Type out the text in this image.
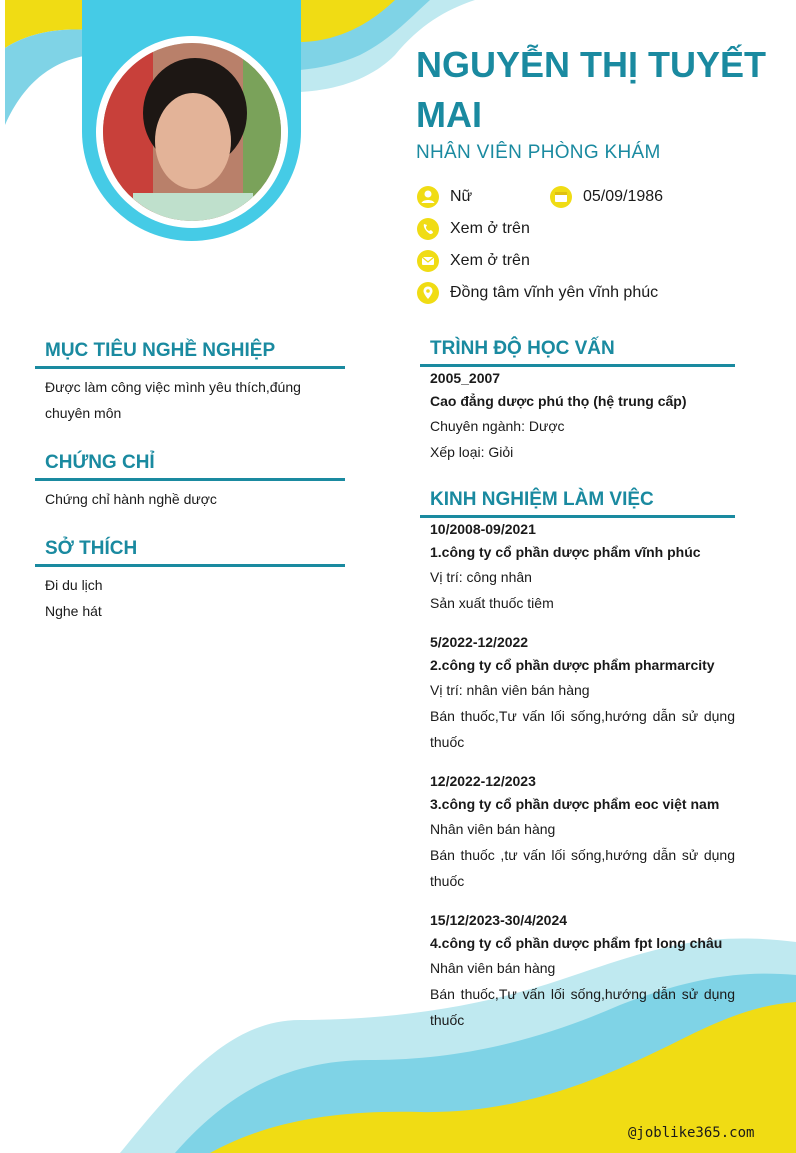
NGUYỄN THỊ TUYẾT MAI
NHÂN VIÊN PHÒNG KHÁM
Nữ	05/09/1986
Xem ở trên
Xem ở trên
Đồng tâm vĩnh yên vĩnh phúc
MỤC TIÊU NGHỀ NGHIỆP
Được làm công việc mình yêu thích,đúng chuyên môn
CHỨNG CHỈ
Chứng chỉ hành nghề dược
SỞ THÍCH
Đi du lịch
Nghe hát
TRÌNH ĐỘ HỌC VẤN
2005_2007
Cao đẳng dược phú thọ (hệ trung cấp)
Chuyên ngành: Dược
Xếp loại: Giỏi
KINH NGHIỆM LÀM VIỆC
10/2008-09/2021
1.công ty cổ phần dược phẩm vĩnh phúc
Vị trí: công nhân
Sản xuất thuốc tiêm
5/2022-12/2022
2.công ty cổ phần dược phẩm pharmarcity
Vị trí: nhân viên bán hàng
Bán thuốc,Tư vấn lối sống,hướng dẫn sử dụng thuốc
12/2022-12/2023
3.công ty cổ phần dược phẩm eoc việt nam
Nhân viên bán hàng
Bán thuốc ,tư vấn lối sống,hướng dẫn sử dụng thuốc
15/12/2023-30/4/2024
4.công ty cổ phần dược phẩm fpt long châu
Nhân viên bán hàng
Bán thuốc,Tư vấn lối sống,hướng dẫn sử dụng thuốc
@joblike365.com
